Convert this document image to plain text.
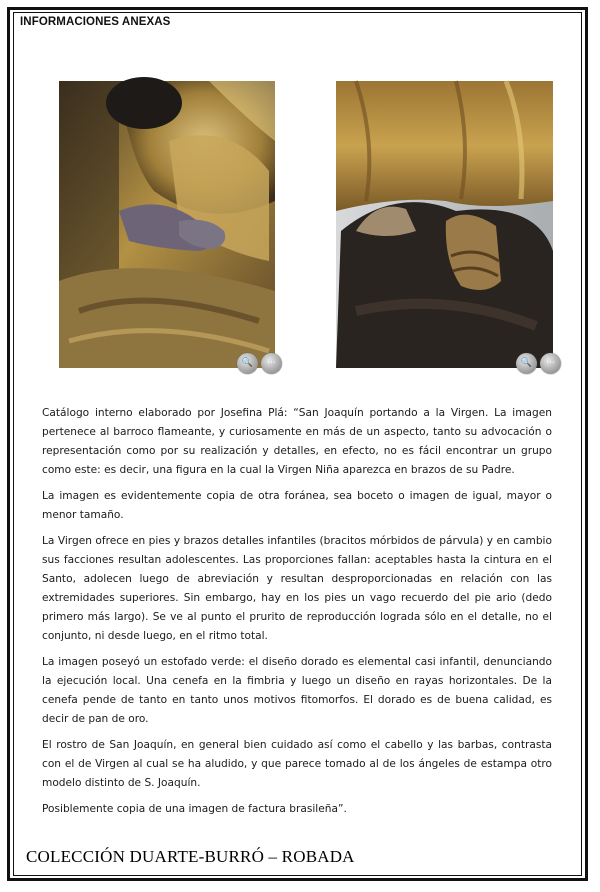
INFORMACIONES ANEXAS
🔍 ⋯	🔍 ⋯

Catálogo interno elaborado por Josefina Plá: “San Joaquín portando a la Virgen. La imagen pertenece al barroco flameante, y curiosamente en más de un aspecto, tanto su advocación o representación como por su realización y detalles, en efecto, no es fácil encontrar un grupo como este: es decir, una figura en la cual la Virgen Niña aparezca en brazos de su Padre.

La imagen es evidentemente copia de otra foránea, sea boceto o imagen de igual, mayor o menor tamaño.

La Virgen ofrece en pies y brazos detalles infantiles (bracitos mórbidos de párvula) y en cambio sus facciones resultan adolescentes. Las proporciones fallan: aceptables hasta la cintura en el Santo, adolecen luego de abreviación y resultan desproporcionadas en relación con las extremidades superiores. Sin embargo, hay en los pies un vago recuerdo del pie ario (dedo primero más largo). Se ve al punto el prurito de reproducción lograda sólo en el detalle, no el conjunto, ni desde luego, en el ritmo total.

La imagen poseyó un estofado verde: el diseño dorado es elemental casi infantil, denunciando la ejecución local. Una cenefa en la fimbria y luego un diseño en rayas horizontales. De la cenefa pende de tanto en tanto unos motivos fitomorfos. El dorado es de buena calidad, es decir de pan de oro.

El rostro de San Joaquín, en general bien cuidado así como el cabello y las barbas, contrasta con el de Virgen al cual se ha aludido, y que parece tomado al de los ángeles de estampa otro modelo distinto de S. Joaquín.

Posiblemente copia de una imagen de factura brasileña”.

COLECCIÓN DUARTE-BURRÓ – ROBADA
